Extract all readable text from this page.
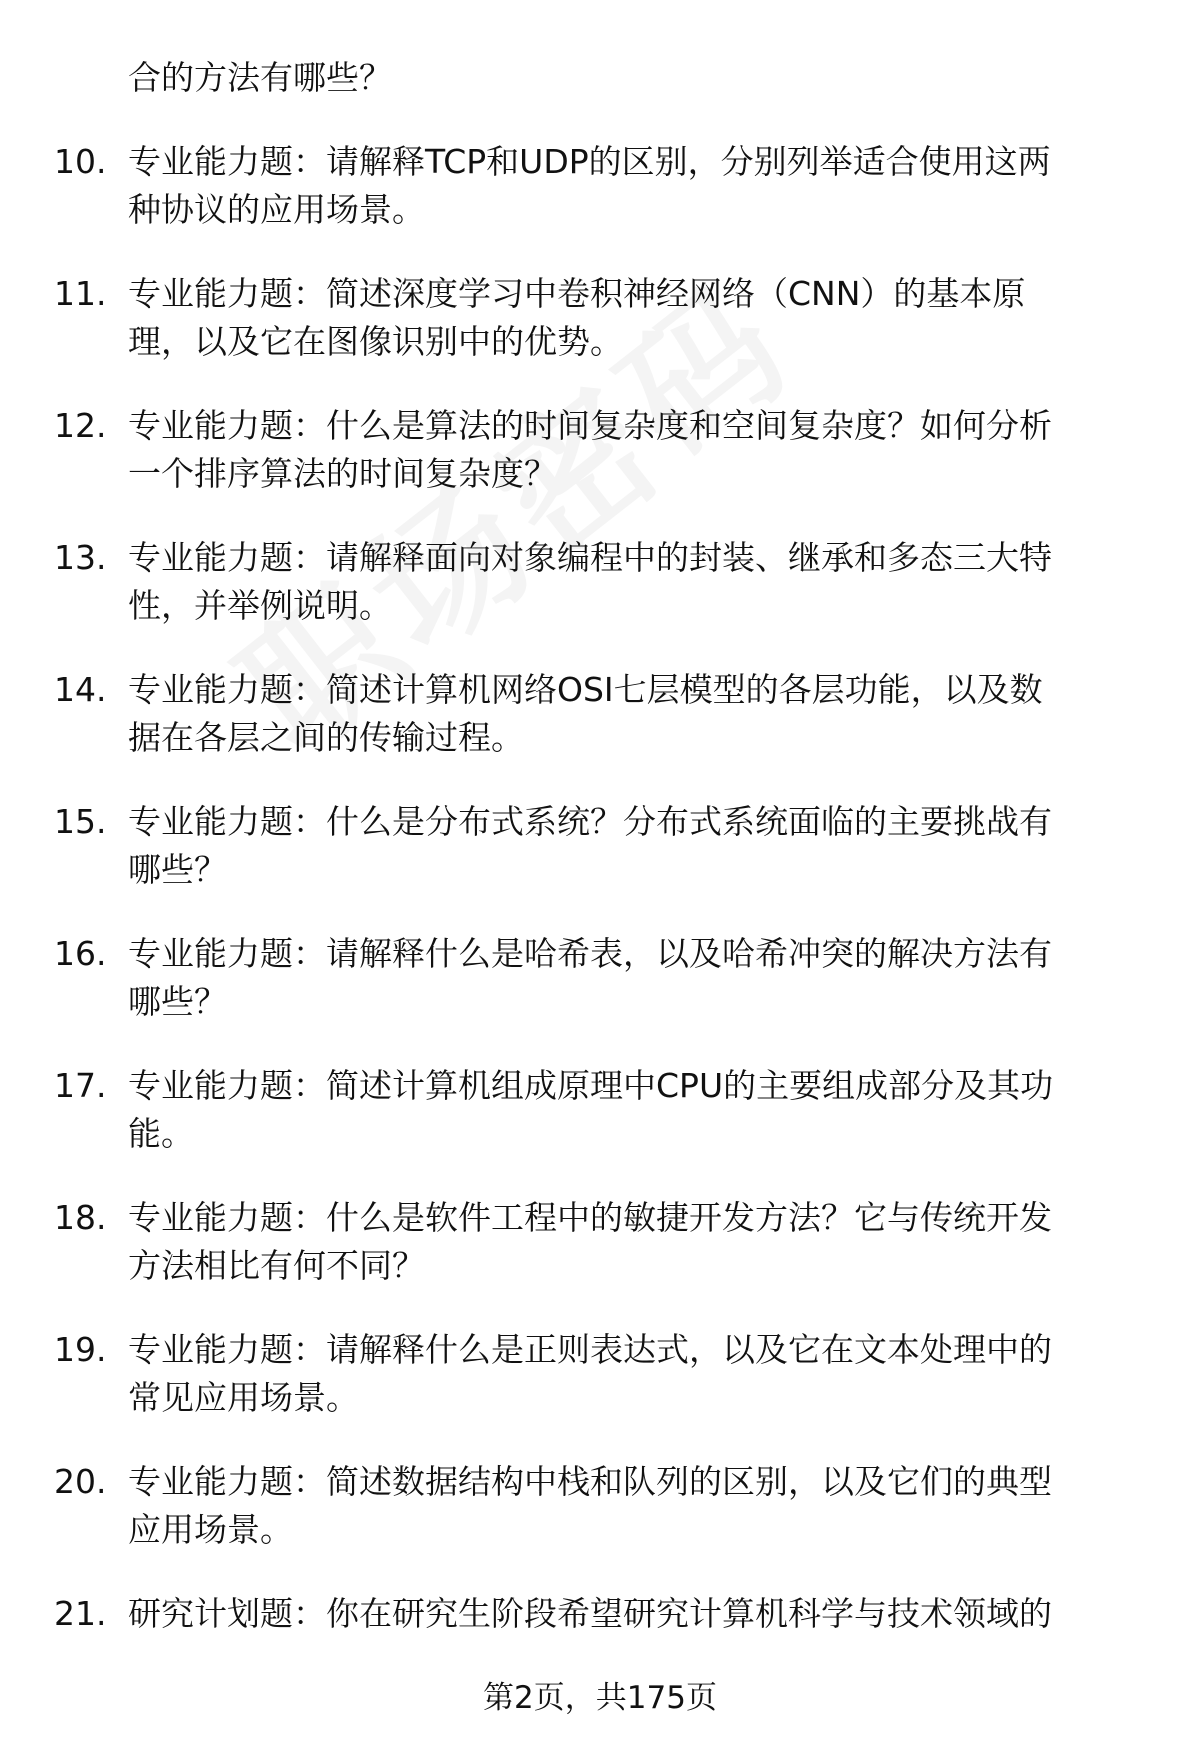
合的方法有哪些？
10. 专业能力题：请解释TCP和UDP的区别，分别列举适合使用这两
种协议的应用场景。
11. 专业能力题：简述深度学习中卷积神经网络（CNN）的基本原
理，以及它在图像识别中的优势。
12. 专业能力题：什么是算法的时间复杂度和空间复杂度？如何分析
一个排序算法的时间复杂度？
13. 专业能力题：请解释面向对象编程中的封装、继承和多态三大特
性，并举例说明。
14. 专业能力题：简述计算机网络OSI七层模型的各层功能，以及数
据在各层之间的传输过程。
15. 专业能力题：什么是分布式系统？分布式系统面临的主要挑战有
哪些？
16. 专业能力题：请解释什么是哈希表，以及哈希冲突的解决方法有
哪些？
17. 专业能力题：简述计算机组成原理中CPU的主要组成部分及其功
能。
18. 专业能力题：什么是软件工程中的敏捷开发方法？它与传统开发
方法相比有何不同？
19. 专业能力题：请解释什么是正则表达式，以及它在文本处理中的
常见应用场景。
20. 专业能力题：简述数据结构中栈和队列的区别，以及它们的典型
应用场景。
21. 研究计划题：你在研究生阶段希望研究计算机科学与技术领域的
第2页，共175页
